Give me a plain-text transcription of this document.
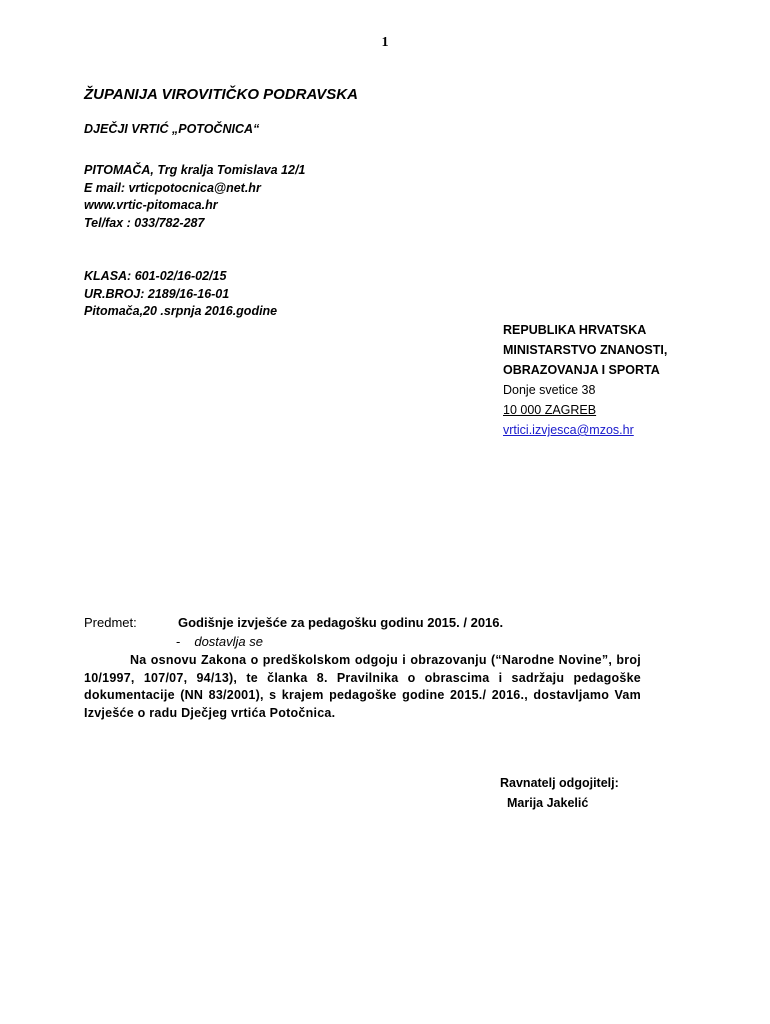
1
ŽUPANIJA VIROVITIČKO PODRAVSKA
DJEČJI VRTIĆ „POTOČNICA“
PITOMAČA, Trg kralja Tomislava 12/1
E mail: vrticpotocnica@net.hr
www.vrtic-pitomaca.hr
Tel/fax : 033/782-287
KLASA: 601-02/16-02/15
UR.BROJ: 2189/16-16-01
Pitomača,20 .srpnja 2016.godine
REPUBLIKA HRVATSKA
MINISTARSTVO ZNANOSTI,
OBRAZOVANJA I SPORTA
Donje svetice 38
10 000 ZAGREB
vrtici.izvjesca@mzos.hr
Predmet:	Godišnje izvješće za pedagošku godinu 2015. / 2016.
- dostavlja se
Na osnovu Zakona o predškolskom odgoju i obrazovanju (“Narodne Novine”, broj 10/1997, 107/07, 94/13), te članka 8. Pravilnika o obrascima i sadržaju pedagoške dokumentacije (NN 83/2001), s krajem pedagoške godine 2015./ 2016., dostavljamo Vam Izvješće o radu Dječjeg vrtića Potočnica.
Ravnatelj odgojitelj:
Marija Jakelić
